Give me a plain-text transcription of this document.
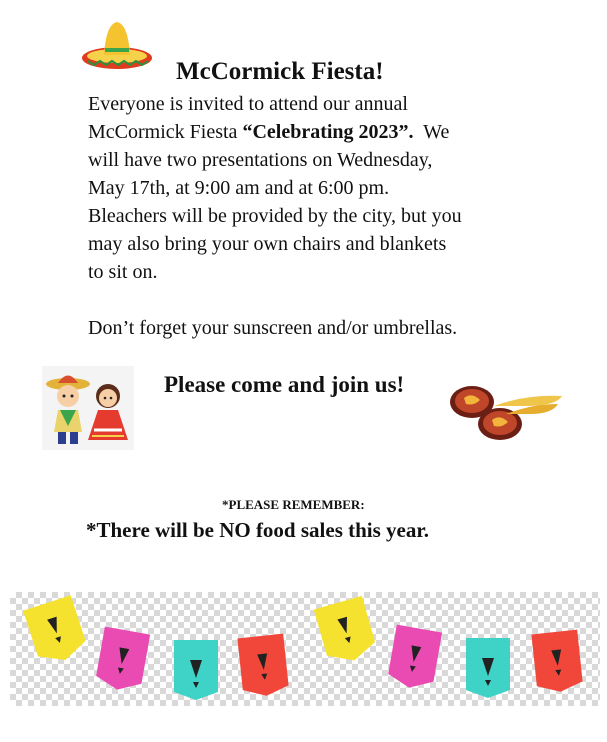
McCormick Fiesta!
Everyone is invited to attend our annual
McCormick Fiesta “Celebrating 2023”.  We
will have two presentations on Wednesday,
May 17th, at 9:00 am and at 6:00 pm.
Bleachers will be provided by the city, but you
may also bring your own chairs and blankets
to sit on.
Don’t forget your sunscreen and/or umbrellas.
Please come and join us!
*PLEASE REMEMBER:
*There will be NO food sales this year.
